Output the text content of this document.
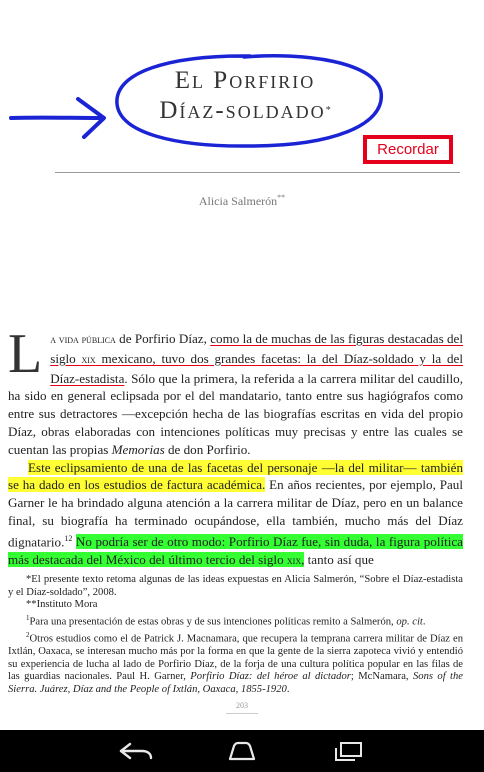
El Porfirio
Díaz-soldado*
Recordar
Alicia Salmerón**

La vida pública de Porfirio Díaz, como la de muchas de las figuras destacadas del siglo xix mexicano, tuvo dos grandes facetas: la del Díaz-soldado y la del Díaz-estadista. Sólo que la primera, la referida a la carrera militar del caudillo, ha sido en general eclipsada por el del mandatario, tanto entre sus hagiógrafos como entre sus detractores —excepción hecha de las biografías escritas en vida del propio Díaz, obras elaboradas con intenciones políticas muy precisas y entre las cuales se cuentan las propias Memorias de don Porfirio.

Este eclipsamiento de una de las facetas del personaje —la del militar— también se ha dado en los estudios de factura académica. En años recientes, por ejemplo, Paul Garner le ha brindado alguna atención a la carrera militar de Díaz, pero en un balance final, su biografía ha terminado ocupándose, ella también, mucho más del Díaz dignatario.$^{12}$ No podría ser de otro modo: Porfirio Díaz fue, sin duda, la figura política más destacada del México del último tercio del siglo xix, tanto así que

*El presente texto retoma algunas de las ideas expuestas en Alicia Salmerón, “Sobre el Díaz-estadista y el Díaz-soldado”, 2008.

**Instituto Mora

$^1$Para una presentación de estas obras y de sus intenciones políticas remito a Salmerón, op. cit.

$^2$Otros estudios como el de Patrick J. Macnamara, que recupera la temprana carrera militar de Díaz en Ixtlán, Oaxaca, se interesan mucho más por la forma en que la gente de la sierra zapoteca vivió y entendió su experiencia de lucha al lado de Porfirio Díaz, de la forja de una cultura política popular en las filas de las guardias nacionales. Paul H. Garner, Porfirio Díaz: del héroe al dictador; McNamara, Sons of the Sierra. Juárez, Díaz and the People of Ixtlán, Oaxaca, 1855-1920.

203
